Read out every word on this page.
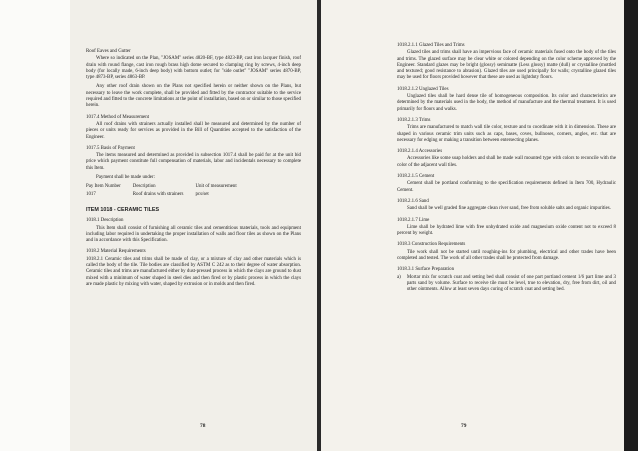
Roof Eaves and Gutter
Where so indicated on the Plan, "JOSAM" series 4820-BF, type 4823-BP, cast iron lacquer finish, roof drain with round flange, cast iron rough brass high dome secured to clamping ring by screws, 4-inch deep body (for locally made, 6-inch deep body) with bottom outlet; for "side outlet" "JOSAM" series 4870-BP, type 4873-BP, series 4863-BP.
Any other roof drain shown on the Plans not specified herein or neither shown on the Plans, but necessary to leave the work complete, shall be provided and fitted by the contractor suitable to the service required and fitted to the concrete limitations at the point of installation, based on or similar to those specified herein.
1017.4 Method of Measurement
All roof drains with strainers actually installed shall be measured and determined by the number of pieces or units ready for services as provided in the Bill of Quantities accepted to the satisfaction of the Engineer.
1017.5 Basis of Payment
The items measured and determined as provided in subsection 1017.4 shall be paid for at the unit bid price which payment constitute full compensation of materials, labor and incidentals necessary to complete this Item.
Payment shall be made under:
Pay Item Number	Description	Unit of measurement
1017	Roof drains with strainers	pcs/set
ITEM 1018 - CERAMIC TILES
1018.1 Description
This Item shall consist of furnishing all ceramic tiles and cementitious materials, tools and equipment including labor required in undertaking the proper installation of walls and floor tiles as shown on the Plans and in accordance with this Specification.
1018.2 Material Requirements
1018.2.1 Ceramic tiles and trims shall be made of clay, or a mixture of clay and other materials which is called the body of the tile. Tile bodies are classified by ASTM C 242 as to their degree of water absorption. Ceramic tiles and trims are manufactured either by dust-pressed process in which the clays are ground to dust mixed with a minimum of water shaped in steel dies and then fired or by plastic process in which the clays are made plastic by mixing with water, shaped by extrusion or in molds and then fired.
78
1018.2.1.1 Glazed Tiles and Trims
Glazed tiles and trims shall have an impervious face of ceramic materials fused onto the body of the tiles and trims. The glazed surface may be clear white or colored depending on the color scheme approved by the Engineer. Standard glazes may be bright (glossy) semimatte (Less glossy) matte (dull) or crystalline (mottled and textured; good resistance to abrasion). Glazed tiles are used principally for walls; crystalline glazed tiles may be used for floors provided however that these are used as lightduty floors.
1018.2.1.2 Unglazed Tiles
Unglazed tiles shall be hard dense tile of homogeneous composition. Its color and characteristics are determined by the materials used in the body, the method of manufacture and the thermal treatment. It is used primarily for floors and walks.
1018.2.1.3 Trims
Trims are manufactured to match wall tile color, texture and to coordinate with it in dimension. These are shaped in various ceramic trim units such as caps, bases, coves, bullnoses, corners, angles, etc. that are necessary for edging or making a transition between entersecting planes.
1018.2.1.4 Accessories
Accessories like some soap holders and shall be made wall mounted type with colors to reconcile with the color of the adjacent wall tiles.
1018.2.1.5 Cement
Cement shall be portland conforming to the specification requirements defined in Item 700, Hydraulic Cement.
1018.2.1.6 Sand
Sand shall be well graded fine aggregate clean river sand, free from soluble salts and organic impurities.
1018.2.1.7 Lime
Lime shall be hydrated lime with free unhydrated oxide and magnesium oxide content not to exceed 8 percent by weight.
1018.3 Construction Requirements
Tile work shall not be started until roughing-ins for plumbing, electrical and other trades have been completed and tested. The work of all other trades shall be protected from damage.
1018.3.1 Surface Preparation
a) Mortar mix for scratch coat and setting bed shall consist of one part portland cement 1/6 part lime and 3 parts sand by volume. Surface to receive tile must be level, true to elevation, dry, free from dirt, oil and other ointments. Allow at least seven days curing of scratch coat and setting bed.
79
